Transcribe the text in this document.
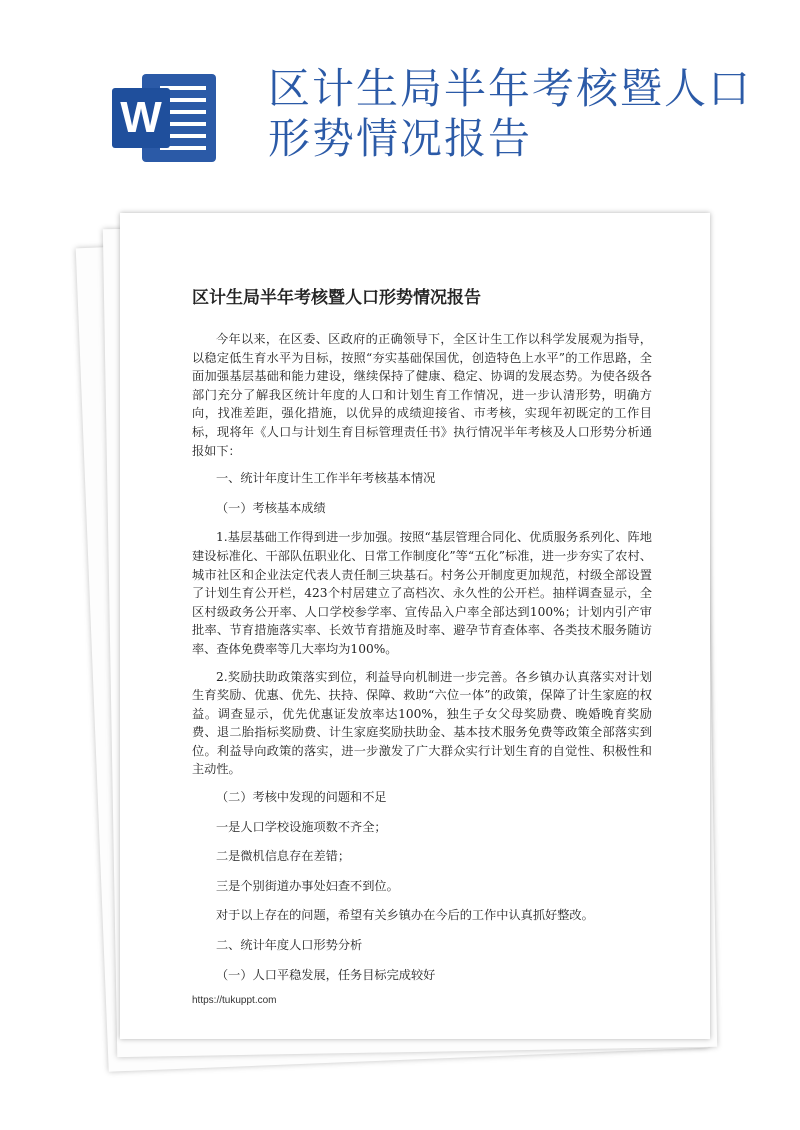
W
区计生局半年考核暨人口形势情况报告
区计生局半年考核暨人口形势情况报告

今年以来，在区委、区政府的正确领导下，全区计生工作以科学发展观为指导，以稳定低生育水平为目标，按照“夯实基础保国优，创造特色上水平”的工作思路，全面加强基层基础和能力建设，继续保持了健康、稳定、协调的发展态势。为使各级各部门充分了解我区统计年度的人口和计划生育工作情况，进一步认清形势，明确方向，找准差距，强化措施，以优异的成绩迎接省、市考核，实现年初既定的工作目标，现将年《人口与计划生育目标管理责任书》执行情况半年考核及人口形势分析通报如下：

一、统计年度计生工作半年考核基本情况

（一）考核基本成绩

1.基层基础工作得到进一步加强。按照“基层管理合同化、优质服务系列化、阵地建设标准化、干部队伍职业化、日常工作制度化”等“五化”标准，进一步夯实了农村、城市社区和企业法定代表人责任制三块基石。村务公开制度更加规范，村级全部设置了计划生育公开栏，423个村居建立了高档次、永久性的公开栏。抽样调查显示，全区村级政务公开率、人口学校参学率、宣传品入户率全部达到100%；计划内引产审批率、节育措施落实率、长效节育措施及时率、避孕节育查体率、各类技术服务随访率、查体免费率等几大率均为100%。

2.奖励扶助政策落实到位，利益导向机制进一步完善。各乡镇办认真落实对计划生育奖励、优惠、优先、扶持、保障、救助“六位一体”的政策，保障了计生家庭的权益。调查显示，优先优惠证发放率达100%，独生子女父母奖励费、晚婚晚育奖励费、退二胎指标奖励费、计生家庭奖励扶助金、基本技术服务免费等政策全部落实到位。利益导向政策的落实，进一步激发了广大群众实行计划生育的自觉性、积极性和主动性。

（二）考核中发现的问题和不足

一是人口学校设施项数不齐全；

二是微机信息存在差错；

三是个别街道办事处妇查不到位。

对于以上存在的问题，希望有关乡镇办在今后的工作中认真抓好整改。

二、统计年度人口形势分析

（一）人口平稳发展，任务目标完成较好

https://tukuppt.com
